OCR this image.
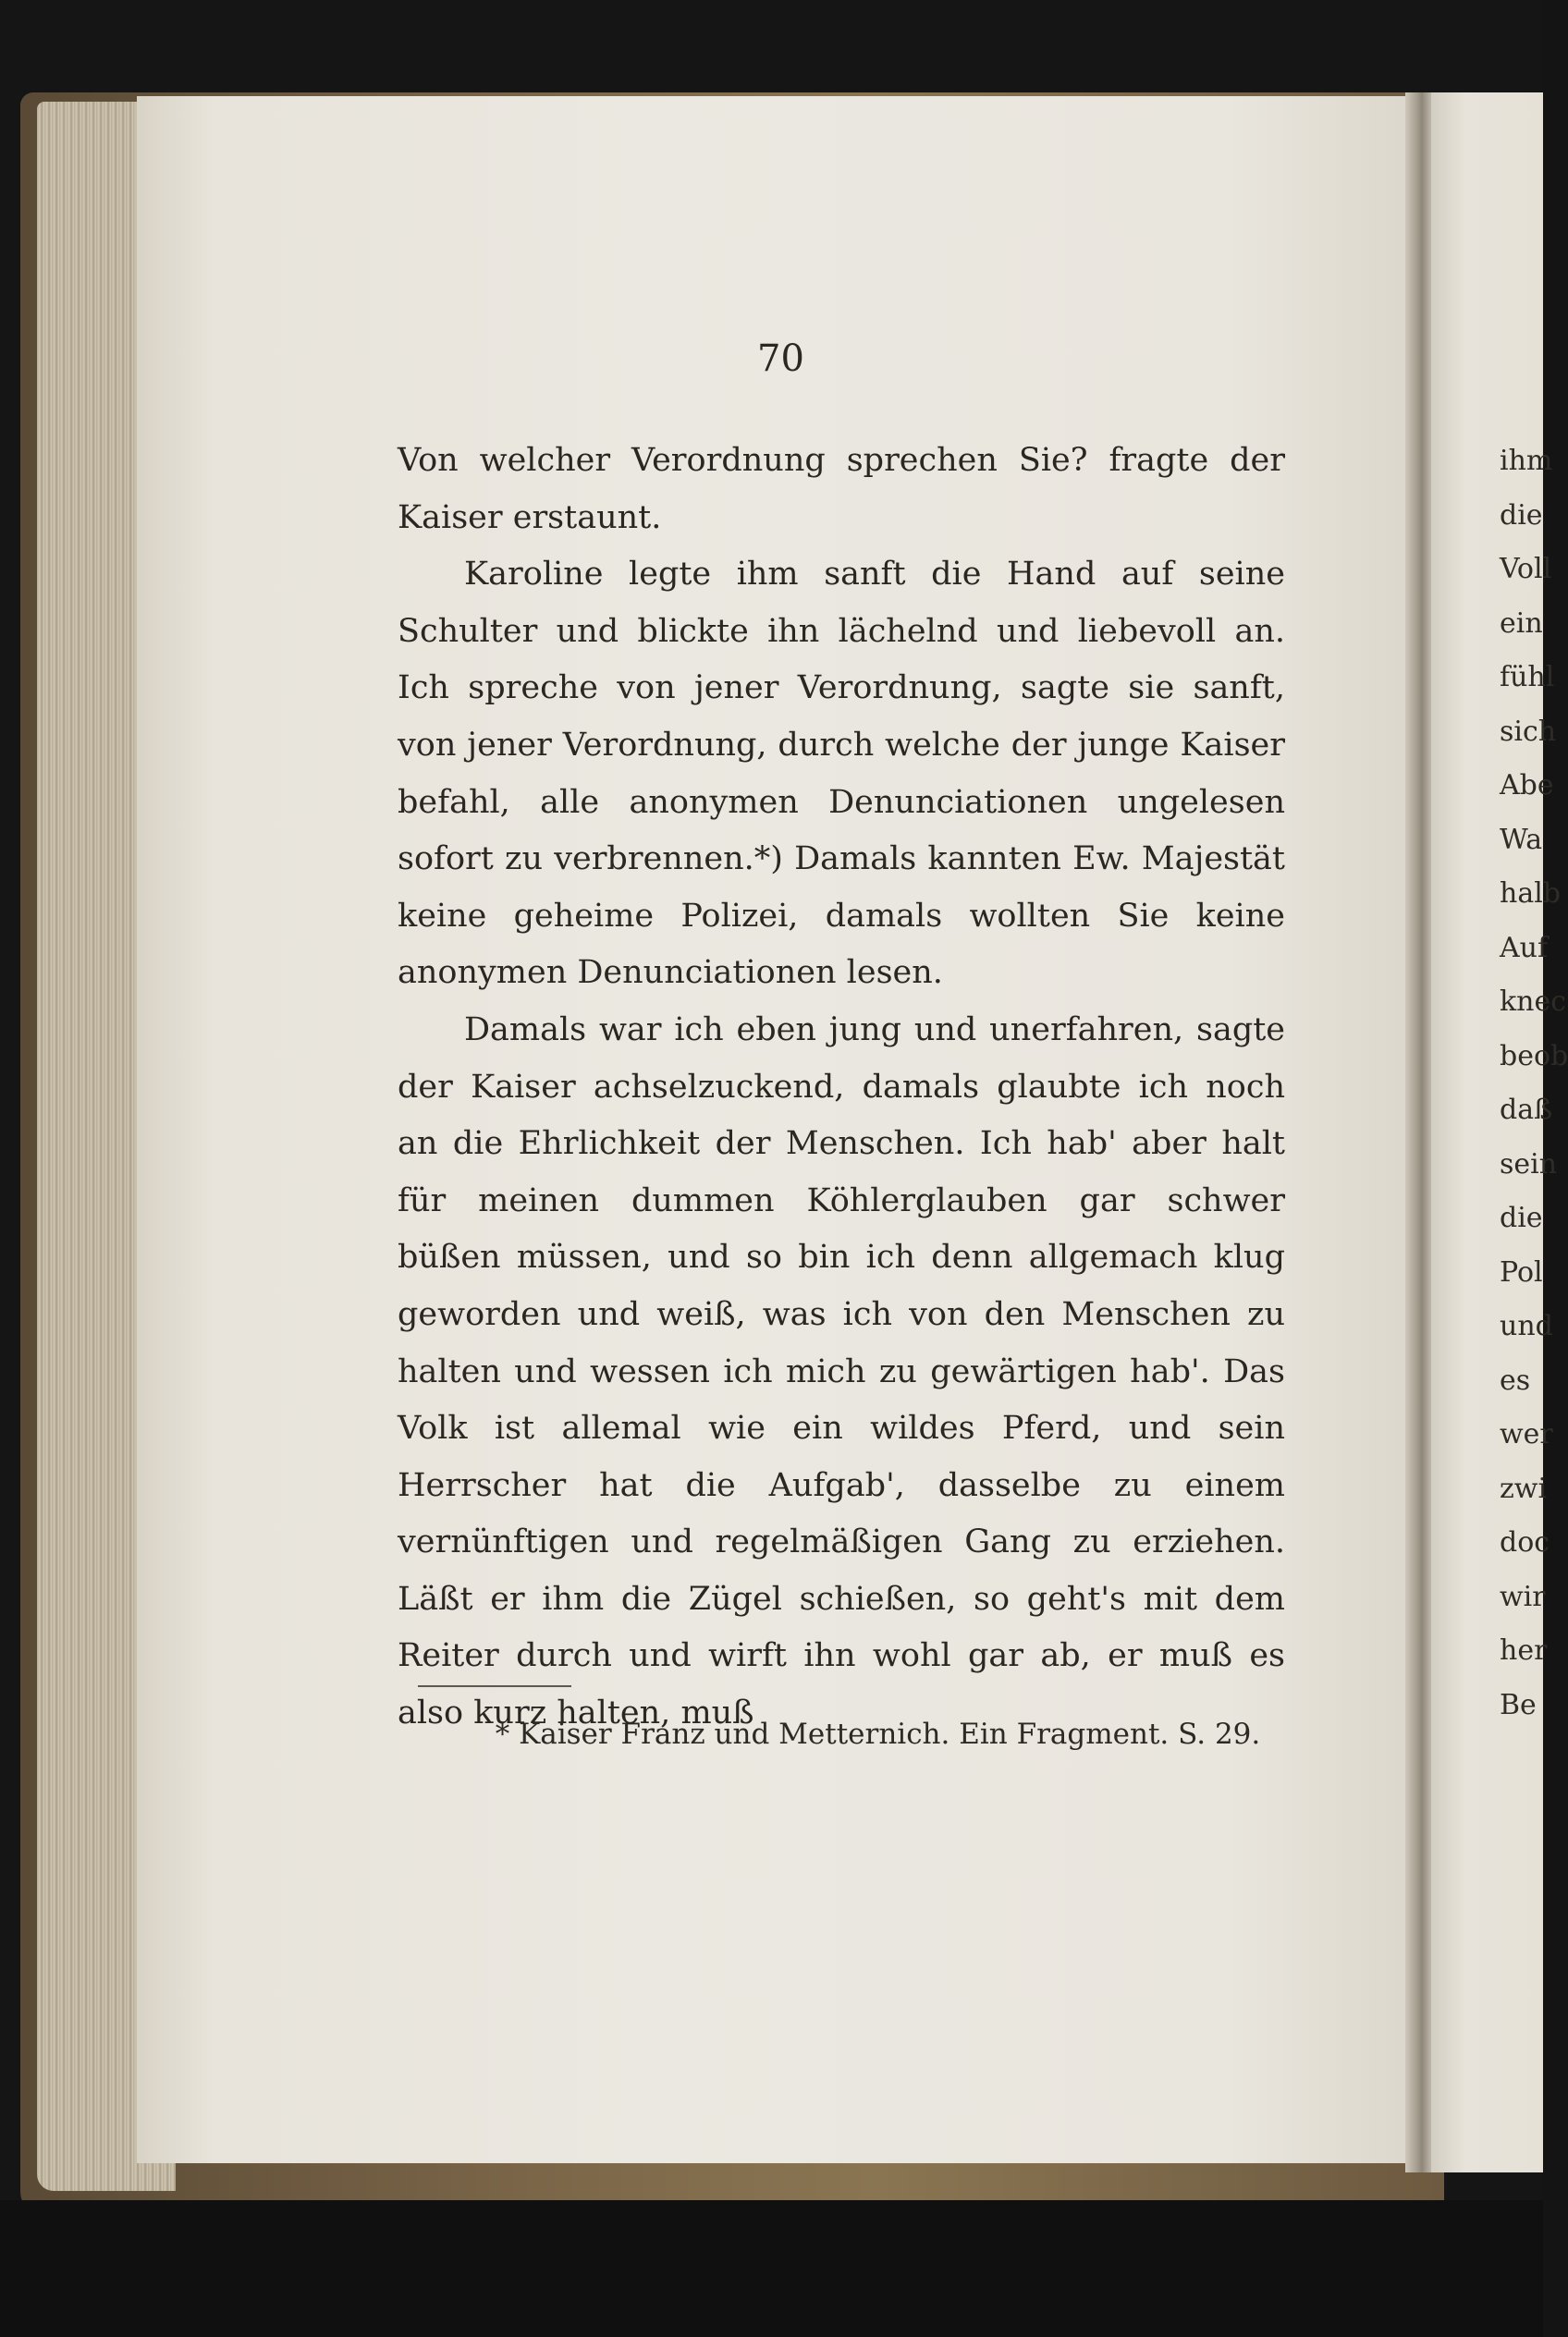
70

Von welcher Verordnung sprechen Sie? fragte der Kaiser erstaunt.

Karoline legte ihm sanft die Hand auf seine Schulter und blickte ihn lächelnd und liebevoll an. Ich spreche von jener Verordnung, sagte sie sanft, von jener Verordnung, durch welche der junge Kaiser befahl, alle anonymen Denunciationen ungelesen sofort zu verbrennen.*) Damals kannten Ew. Majestät keine geheime Polizei, damals wollten Sie keine anonymen Denunciationen lesen.

Damals war ich eben jung und unerfahren, sagte der Kaiser achselzuckend, damals glaubte ich noch an die Ehrlichkeit der Menschen. Ich hab' aber halt für meinen dummen Köhlerglauben gar schwer büßen müssen, und so bin ich denn allgemach klug geworden und weiß, was ich von den Menschen zu halten und wessen ich mich zu gewärtigen hab'. Das Volk ist allemal wie ein wildes Pferd, und sein Herrscher hat die Aufgab', dasselbe zu einem vernünftigen und regelmäßigen Gang zu erziehen. Läßt er ihm die Zügel schießen, so geht's mit dem Reiter durch und wirft ihn wohl gar ab, er muß es also kurz halten, muß

* Kaiser Franz und Metternich. Ein Fragment. S. 29.

ihm
die
Voll
ein
fühl
sich
Abe
Wa
halb
Auf
knec
beob
daß
sein
die
Pol
und
es
wer
zwi
doc
wir
her
Be
